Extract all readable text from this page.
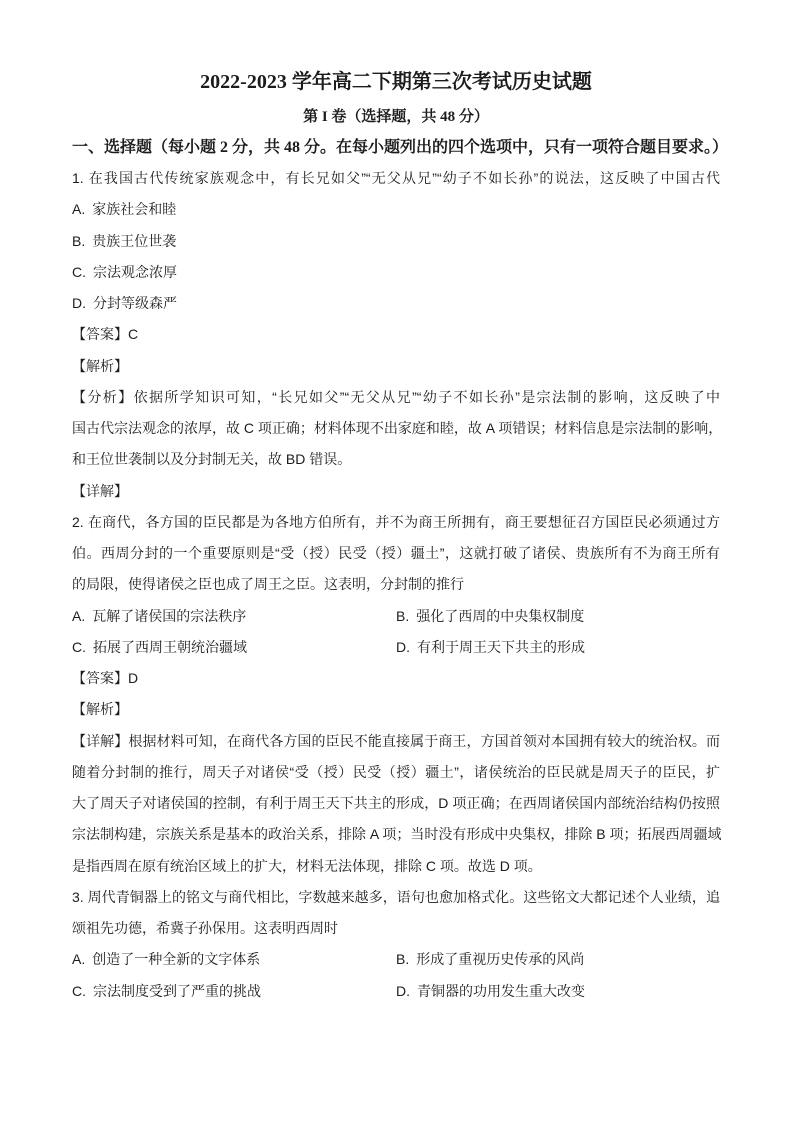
2022-2023 学年高二下期第三次考试历史试题
第 I 卷（选择题，共 48 分）
一、选择题（每小题 2 分，共 48 分。在每小题列出的四个选项中，只有一项符合题目要求。）
1. 在我国古代传统家族观念中，有长兄如父”“无父从兄”“幼子不如长孙”的说法，这反映了中国古代
A. 家族社会和睦
B. 贵族王位世袭
C. 宗法观念浓厚
D. 分封等级森严
【答案】C
【解析】
【分析】依据所学知识可知，“长兄如父”“无父从兄”“幼子不如长孙”是宗法制的影响，这反映了中
国古代宗法观念的浓厚，故 C 项正确；材料体现不出家庭和睦，故 A 项错误；材料信息是宗法制的影响，
和王位世袭制以及分封制无关，故 BD 错误。
【详解】
2. 在商代，各方国的臣民都是为各地方伯所有，并不为商王所拥有，商王要想征召方国臣民必须通过方
伯。西周分封的一个重要原则是“受（授）民受（授）疆土”，这就打破了诸侯、贵族所有不为商王所有
的局限，使得诸侯之臣也成了周王之臣。这表明，分封制的推行
A. 瓦解了诸侯国的宗法秩序	B. 强化了西周的中央集权制度
C. 拓展了西周王朝统治疆域	D. 有利于周王天下共主的形成
【答案】D
【解析】
【详解】根据材料可知，在商代各方国的臣民不能直接属于商王，方国首领对本国拥有较大的统治权。而
随着分封制的推行，周天子对诸侯“受（授）民受（授）疆土”，诸侯统治的臣民就是周天子的臣民，扩
大了周天子对诸侯国的控制，有利于周王天下共主的形成，D 项正确；在西周诸侯国内部统治结构仍按照
宗法制构建，宗族关系是基本的政治关系，排除 A 项；当时没有形成中央集权，排除 B 项；拓展西周疆域
是指西周在原有统治区域上的扩大，材料无法体现，排除 C 项。故选 D 项。
3. 周代青铜器上的铭文与商代相比，字数越来越多，语句也愈加格式化。这些铭文大都记述个人业绩，追
颂祖先功德，希冀子孙保用。这表明西周时
A. 创造了一种全新的文字体系	B. 形成了重视历史传承的风尚
C. 宗法制度受到了严重的挑战	D. 青铜器的功用发生重大改变
